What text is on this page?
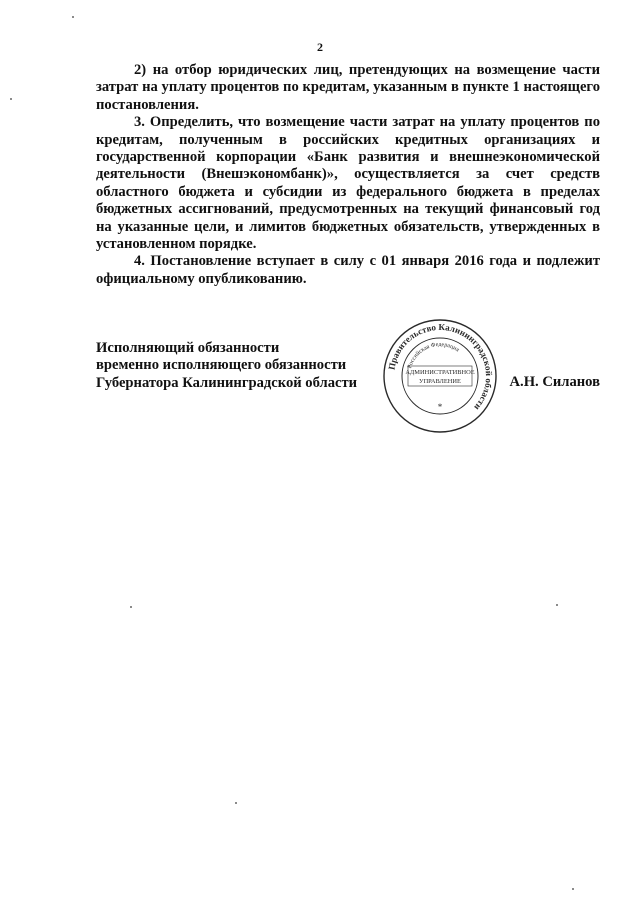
2

2) на отбор юридических лиц, претендующих на возмещение части затрат на уплату процентов по кредитам, указанным в пункте 1 настоящего постановления.

3. Определить, что возмещение части затрат на уплату процентов по кредитам, полученным в российских кредитных организациях и государственной корпорации «Банк развития и внешнеэкономической деятельности (Внешэкономбанк)», осуществляется за счет средств областного бюджета и субсидии из федерального бюджета в пределах бюджетных ассигнований, предусмотренных на текущий финансовый год на указанные цели, и лимитов бюджетных обязательств, утвержденных в установленном порядке.

4. Постановление вступает в силу с 01 января 2016 года и подлежит официальному опубликованию.

Исполняющий обязанности
временно исполняющего обязанности
Губернатора Калининградской области
Правительство Калининградской области
Российская Федерация
АДМИНИСТРАТИВНОЕ
УПРАВЛЕНИЕ
*
А.Н. Силанов
